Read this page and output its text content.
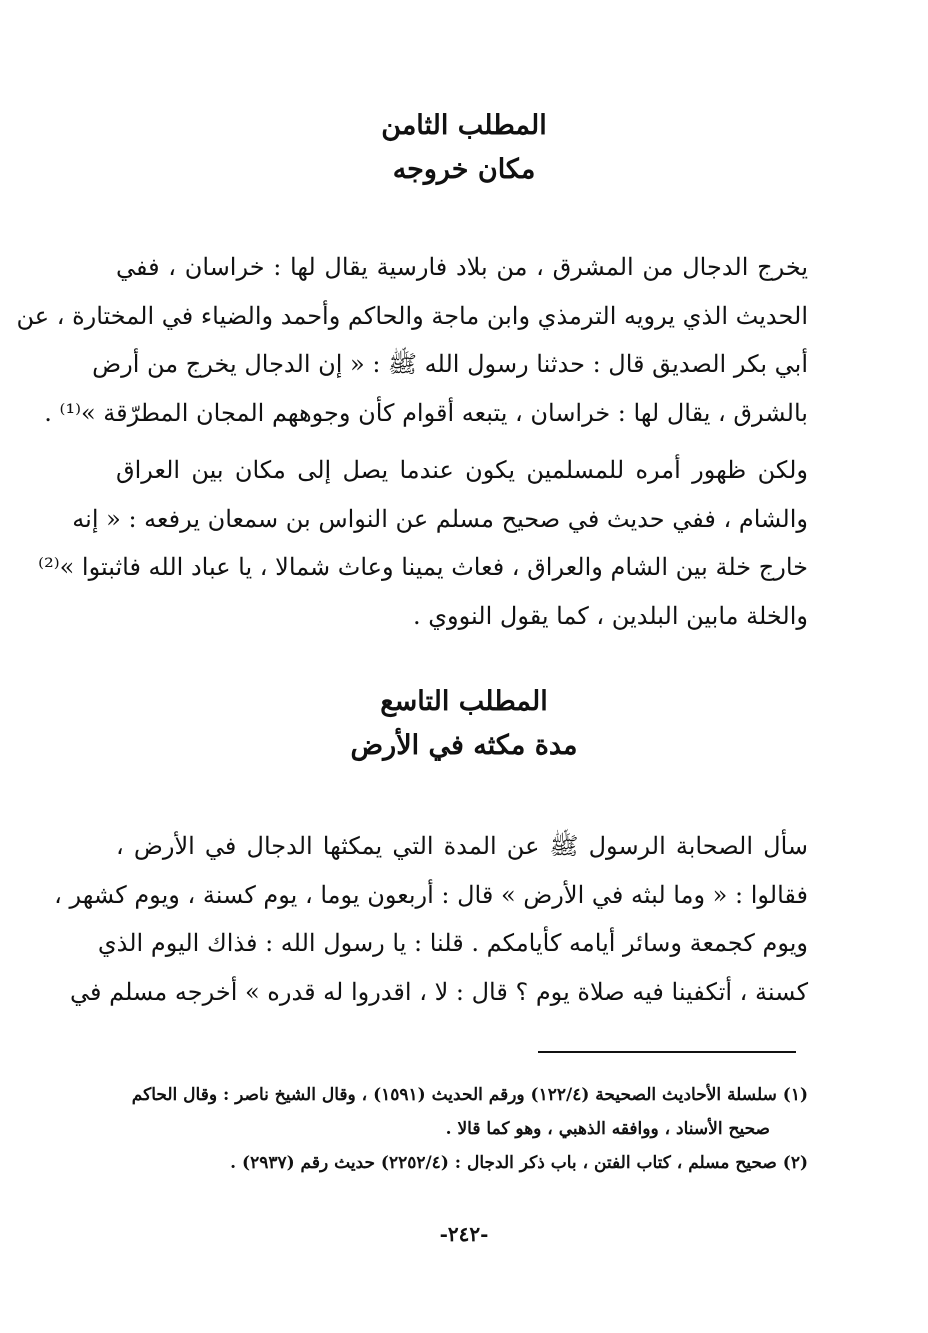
المطلب الثامن
مكان خروجه
يخرج الدجال من المشرق ، من بلاد فارسية يقال لها : خراسان ، ففي
الحديث الذي يرويه الترمذي وابن ماجة والحاكم وأحمد والضياء في المختارة ، عن
أبي بكر الصديق قال : حدثنا رسول الله ﷺ : « إن الدجال يخرج من أرض
بالشرق ، يقال لها : خراسان ، يتبعه أقوام كأن وجوههم المجان المطرّقة »⁽¹⁾ .
ولكن ظهور أمره للمسلمين يكون عندما يصل إلى مكان بين العراق
والشام ، ففي حديث في صحيح مسلم عن النواس بن سمعان يرفعه : « إنه
خارج خلة بين الشام والعراق ، فعاث يمينا وعاث شمالا ، يا عباد الله فاثبتوا »⁽²⁾
والخلة مابين البلدين ، كما يقول النووي .
المطلب التاسع
مدة مكثه في الأرض
سأل الصحابة الرسول ﷺ عن المدة التي يمكثها الدجال في الأرض ،
فقالوا : « وما لبثه في الأرض » قال : أربعون يوما ، يوم كسنة ، ويوم كشهر ،
ويوم كجمعة وسائر أيامه كأيامكم . قلنا : يا رسول الله : فذاك اليوم الذي
كسنة ، أتكفينا فيه صلاة يوم ؟ قال : لا ، اقدروا له قدره » أخرجه مسلم في
(١) سلسلة الأحاديث الصحيحة (١٢٢/٤) ورقم الحديث (١٥٩١) ، وقال الشيخ ناصر : وقال الحاكم
صحيح الأسناد ، ووافقه الذهبي ، وهو كما قالا .
(٢) صحيح مسلم ، كتاب الفتن ، باب ذكر الدجال : (٢٢٥٢/٤) حديث رقم (٢٩٣٧) .
-٢٤٢-
